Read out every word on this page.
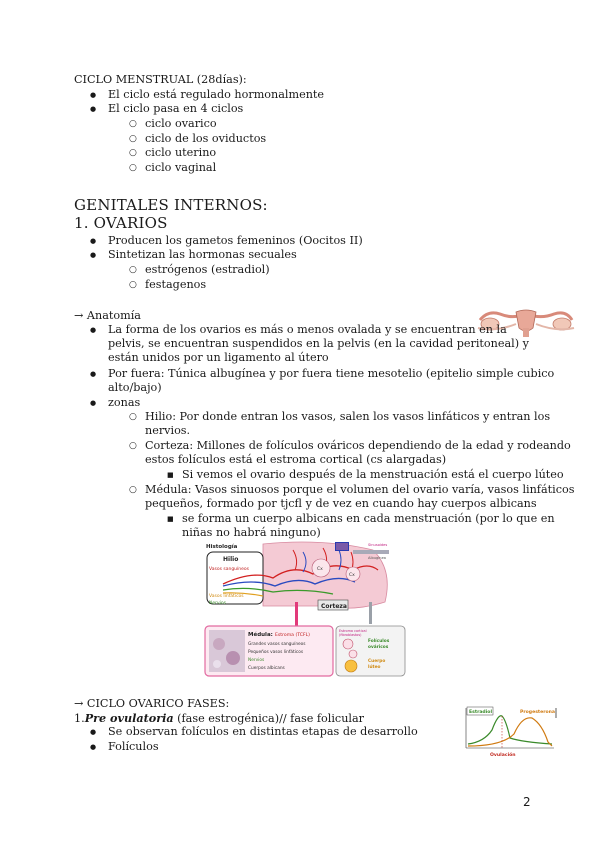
CICLO MENSTRUAL (28días):
● El ciclo está regulado hormonalmente
● El ciclo pasa en 4 ciclos
○ ciclo ovarico
○ ciclo de los oviductos
○ ciclo uterino
○ ciclo vaginal
GENITALES INTERNOS:
1. OVARIOS
● Producen los gametos femeninos (Oocitos II)
● Sintetizan las hormonas secuales
○ estrógenos (estradiol)
○ festagenos
→ Anatomía
● La forma de los ovarios es más o menos ovalada y se encuentran en la
pelvis, se encuentran suspendidos en la pelvis (en la cavidad peritoneal) y
están unidos por un ligamento al útero
● Por fuera: Túnica albugínea y por fuera tiene mesotelio (epitelio simple cubico
alto/bajo)
● zonas
○ Hilio: Por donde entran los vasos, salen los vasos linfáticos y entran los
nervios.
○ Corteza: Millones de folículos ováricos dependiendo de la edad y rodeando
estos folículos está el estroma cortical (cs alargadas)
■ Si vemos el ovario después de la menstruación está el cuerpo lúteo
○ Médula: Vasos sinuosos porque el volumen del ovario varía, vasos linfáticos
pequeños, formado por tjcfl y de vez en cuando hay cuerpos albicans
■ se forma un cuerpo albicans en cada menstruación (por lo que en
niñas no habrá ninguno)
Histología
Hilio
Vasos sanguíneos
Vasos linfáticos
Nervios
Cx
Cx
Corteza
Sinusoides
Albugínea
Médula: Estroma (TCFL)
Grandes vasos sanguíneos
Pequeños vasos linfáticos
Nervios
Cuerpos albicans
Estroma cortical
(fibroblastos)
Folículos
ováricos
Cuerpo
lúteo
→ CICLO OVARICO FASES:
1.Pre ovulatoria (fase estrogénica)// fase folicular
● Se observan folículos en distintas etapas de desarrollo
● Folículos
Estradiol	Progesterona
Ovulación
2
